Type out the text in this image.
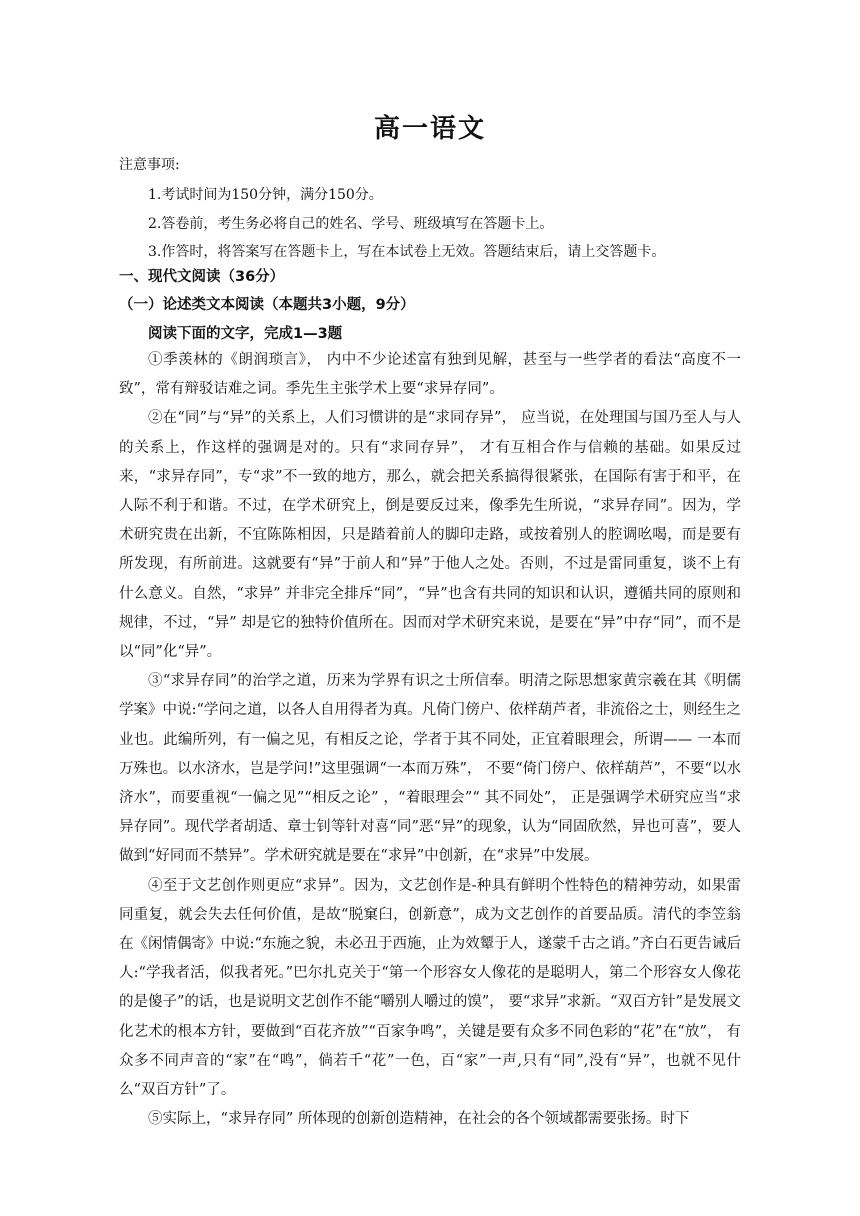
高一语文
注意事项:
1.考试时间为150分钟，满分150分。
2.答卷前，考生务必将自己的姓名、学号、班级填写在答题卡上。
3.作答时，将答案写在答题卡上，写在本试卷上无效。答题结束后，请上交答题卡。
一、现代文阅读（36分）
（一）论述类文本阅读（本题共3小题，9分）
阅读下面的文字，完成1—3题

①季羡林的《朗润琐言》， 内中不少论述富有独到见解，甚至与一些学者的看法“高度不一致”，常有辩驳诘难之词。季先生主张学术上要“求异存同”。

②在“同”与“异”的关系上，人们习惯讲的是“求同存异”， 应当说，在处理国与国乃至人与人的关系上，作这样的强调是对的。只有“求同存异”， 才有互相合作与信赖的基础。如果反过来，“求异存同”，专“求”不一致的地方，那么，就会把关系搞得很紧张，在国际有害于和平，在人际不利于和谐。不过，在学术研究上，倒是要反过来，像季先生所说，“求异存同”。因为，学术研究贵在出新，不宜陈陈相因，只是踏着前人的脚印走路，或按着别人的腔调吆喝，而是要有所发现，有所前进。这就要有“异”于前人和“异”于他人之处。否则，不过是雷同重复，谈不上有什么意义。自然，“求异” 并非完全排斥“同”，“异”也含有共同的知识和认识，遵循共同的原则和规律，不过，“异” 却是它的独特价值所在。因而对学术研究来说，是要在“异”中存“同”，而不是以“同”化“异”。

③“求异存同”的治学之道，历来为学界有识之士所信奉。明清之际思想家黄宗羲在其《明儒学案》中说:“学问之道，以各人自用得者为真。凡倚门傍户、依样葫芦者，非流俗之士，则经生之业也。此编所列，有一偏之见，有相反之论，学者于其不同处，正宜着眼理会，所谓—— 一本而万殊也。以水济水，岂是学问!”这里强调“一本而万殊”， 不要“倚门傍户、依样葫芦”，不要“以水济水”，而要重视“一偏之见”“相反之论” ，“着眼理会”“ 其不同处”， 正是强调学术研究应当“求异存同”。现代学者胡适、章士钊等针对喜“同”恶“异”的现象，认为“同固欣然，异也可喜”，要人做到“好同而不禁异”。学术研究就是要在“求异”中创新，在“求异”中发展。

④至于文艺创作则更应“求异”。因为，文艺创作是-种具有鲜明个性特色的精神劳动，如果雷同重复，就会失去任何价值，是故“脱窠臼，创新意”，成为文艺创作的首要品质。清代的李笠翁在《闲情偶寄》中说:“东施之貌，未必丑于西施，止为效颦于人，遂蒙千古之诮。”齐白石更告诫后人:“学我者活，似我者死。”巴尔扎克关于“第一个形容女人像花的是聪明人，第二个形容女人像花的是傻子”的话，也是说明文艺创作不能“嚼别人嚼过的馍”， 要“求异”求新。“双百方针”是发展文化艺术的根本方针，要做到“百花齐放”“百家争鸣”，关键是要有众多不同色彩的“花”在“放”， 有众多不同声音的“家”在“鸣”，倘若千“花”一色，百“家”一声,只有“同”,没有“异”，也就不见什么“双百方针”了。

⑤实际上，“求异存同” 所体现的创新创造精神，在社会的各个领域都需要张扬。时下
